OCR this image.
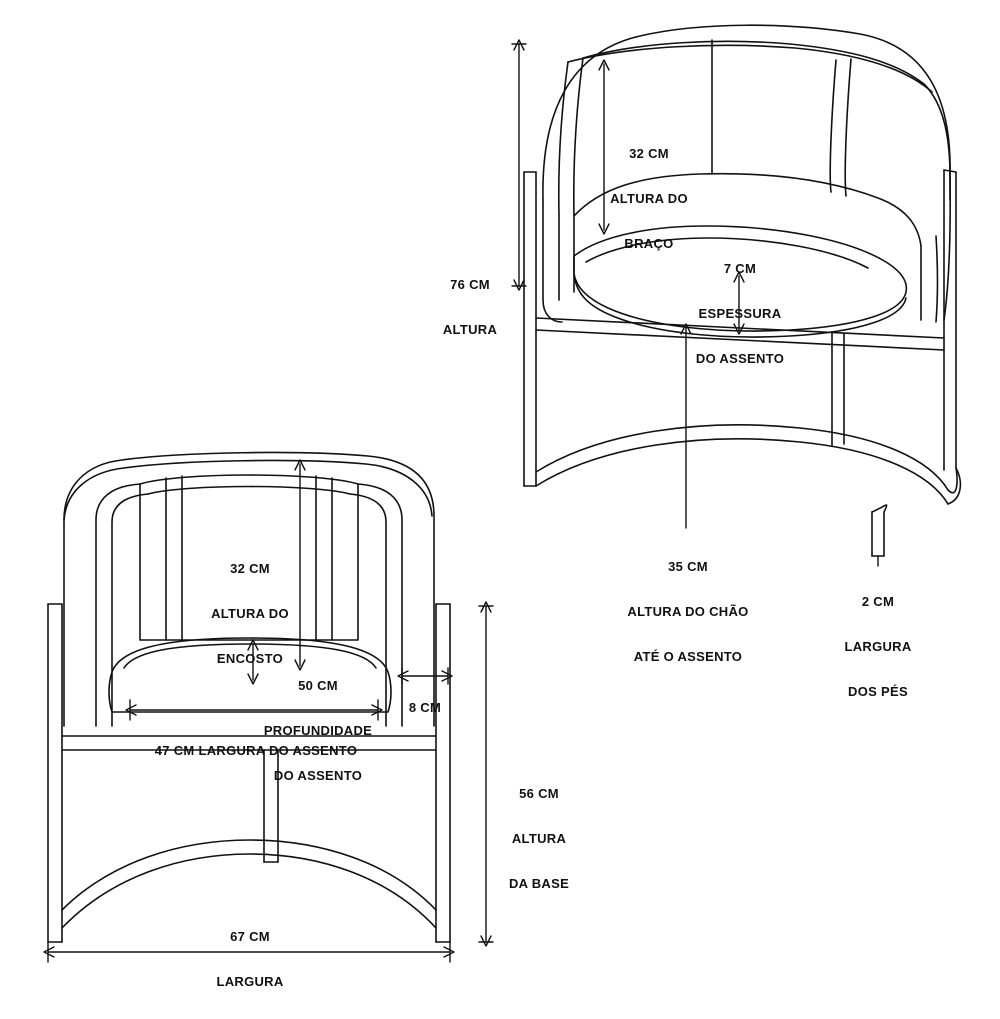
32 CM

ALTURA DO

BRAÇO

76 CM

ALTURA

7 CM

ESPESSURA

DO ASSENTO

35 CM

ALTURA DO CHÃO

ATÉ O ASSENTO

2 CM

LARGURA

DOS PÉS

32 CM

ALTURA DO

ENCOSTO

50 CM

PROFUNDIDADE

DO ASSENTO

8 CM

47 CM LARGURA DO ASSENTO

56 CM

ALTURA

DA BASE

67 CM

LARGURA
